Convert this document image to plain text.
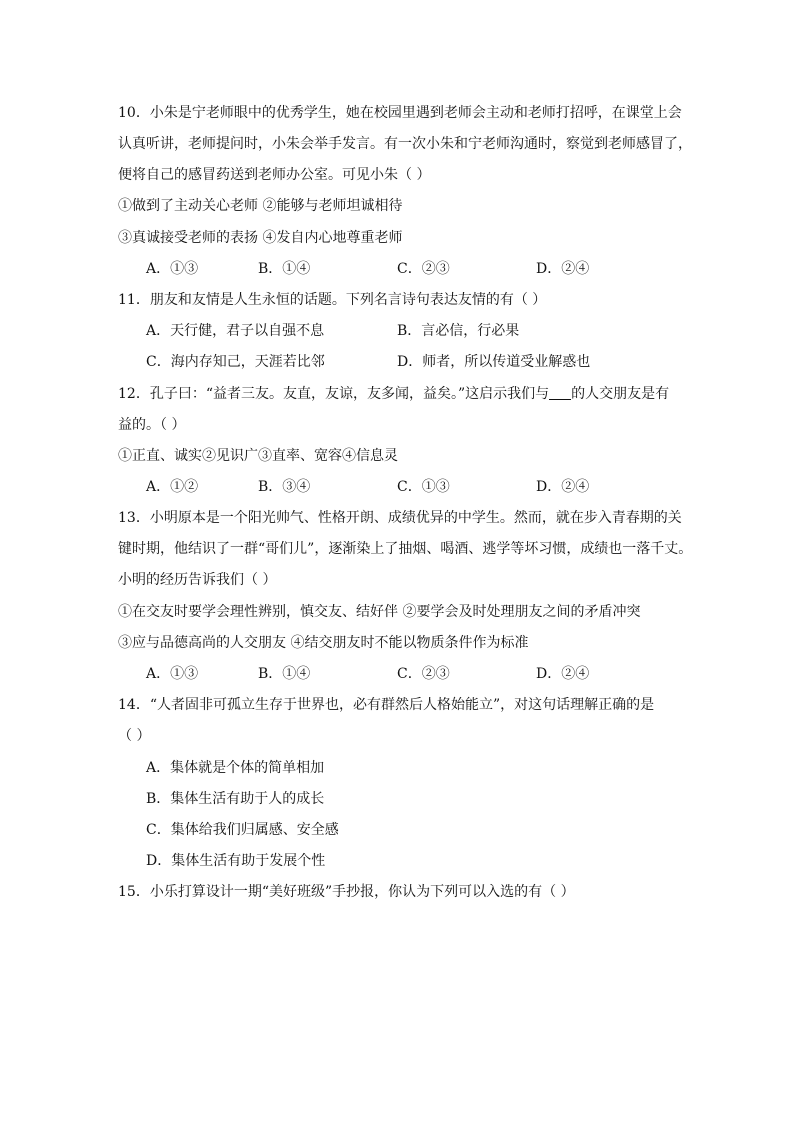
10．小朱是宁老师眼中的优秀学生，她在校园里遇到老师会主动和老师打招呼，在课堂上会
认真听讲，老师提问时，小朱会举手发言。有一次小朱和宁老师沟通时，察觉到老师感冒了，
便将自己的感冒药送到老师办公室。可见小朱（ ）
①做到了主动关心老师 ②能够与老师坦诚相待
③真诚接受老师的表扬 ④发自内心地尊重老师
A．①③	B．①④	C．②③	D．②④
11．朋友和友情是人生永恒的话题。下列名言诗句表达友情的有（ ）
A．天行健，君子以自强不息	B．言必信，行必果
C．海内存知己，天涯若比邻	D．师者，所以传道受业解惑也
12．孔子曰：“益者三友。友直，友谅，友多闻，益矣。”这启示我们与 的人交朋友是有
益的。（ ）
①正直、诚实②见识广③直率、宽容④信息灵
A．①②	B．③④	C．①③	D．②④
13．小明原本是一个阳光帅气、性格开朗、成绩优异的中学生。然而，就在步入青春期的关
键时期，他结识了一群“哥们儿”，逐渐染上了抽烟、喝酒、逃学等坏习惯，成绩也一落千丈。
小明的经历告诉我们（ ）
①在交友时要学会理性辨别，慎交友、结好伴 ②要学会及时处理朋友之间的矛盾冲突
③应与品德高尚的人交朋友 ④结交朋友时不能以物质条件作为标准
A．①③	B．①④	C．②③	D．②④
14．“人者固非可孤立生存于世界也，必有群然后人格始能立”，对这句话理解正确的是
（ ）
A．集体就是个体的简单相加
B．集体生活有助于人的成长
C．集体给我们归属感、安全感
D．集体生活有助于发展个性
15．小乐打算设计一期“美好班级”手抄报，你认为下列可以入选的有（ ）
